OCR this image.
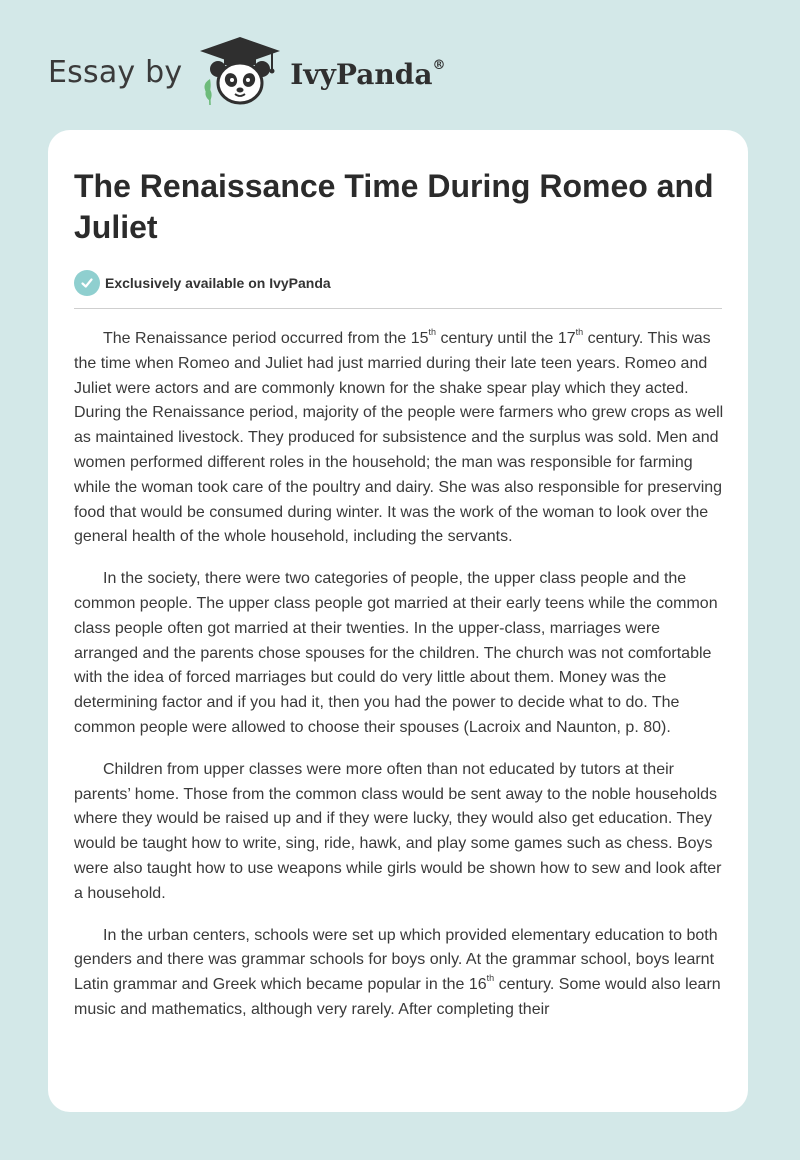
Essay by	IvyPanda®
The Renaissance Time During Romeo and Juliet
Exclusively available on IvyPanda

The Renaissance period occurred from the 15th century until the 17th century. This was the time when Romeo and Juliet had just married during their late teen years. Romeo and Juliet were actors and are commonly known for the shake spear play which they acted. During the Renaissance period, majority of the people were farmers who grew crops as well as maintained livestock. They produced for subsistence and the surplus was sold. Men and women performed different roles in the household; the man was responsible for farming while the woman took care of the poultry and dairy. She was also responsible for preserving food that would be consumed during winter. It was the work of the woman to look over the general health of the whole household, including the servants.

In the society, there were two categories of people, the upper class people and the common people. The upper class people got married at their early teens while the common class people often got married at their twenties. In the upper-class, marriages were arranged and the parents chose spouses for the children. The church was not comfortable with the idea of forced marriages but could do very little about them. Money was the determining factor and if you had it, then you had the power to decide what to do. The common people were allowed to choose their spouses (Lacroix and Naunton, p. 80).

Children from upper classes were more often than not educated by tutors at their parents’ home. Those from the common class would be sent away to the noble households where they would be raised up and if they were lucky, they would also get education. They would be taught how to write, sing, ride, hawk, and play some games such as chess. Boys were also taught how to use weapons while girls would be shown how to sew and look after a household.

In the urban centers, schools were set up which provided elementary education to both genders and there was grammar schools for boys only. At the grammar school, boys learnt Latin grammar and Greek which became popular in the 16th century. Some would also learn music and mathematics, although very rarely. After completing their
